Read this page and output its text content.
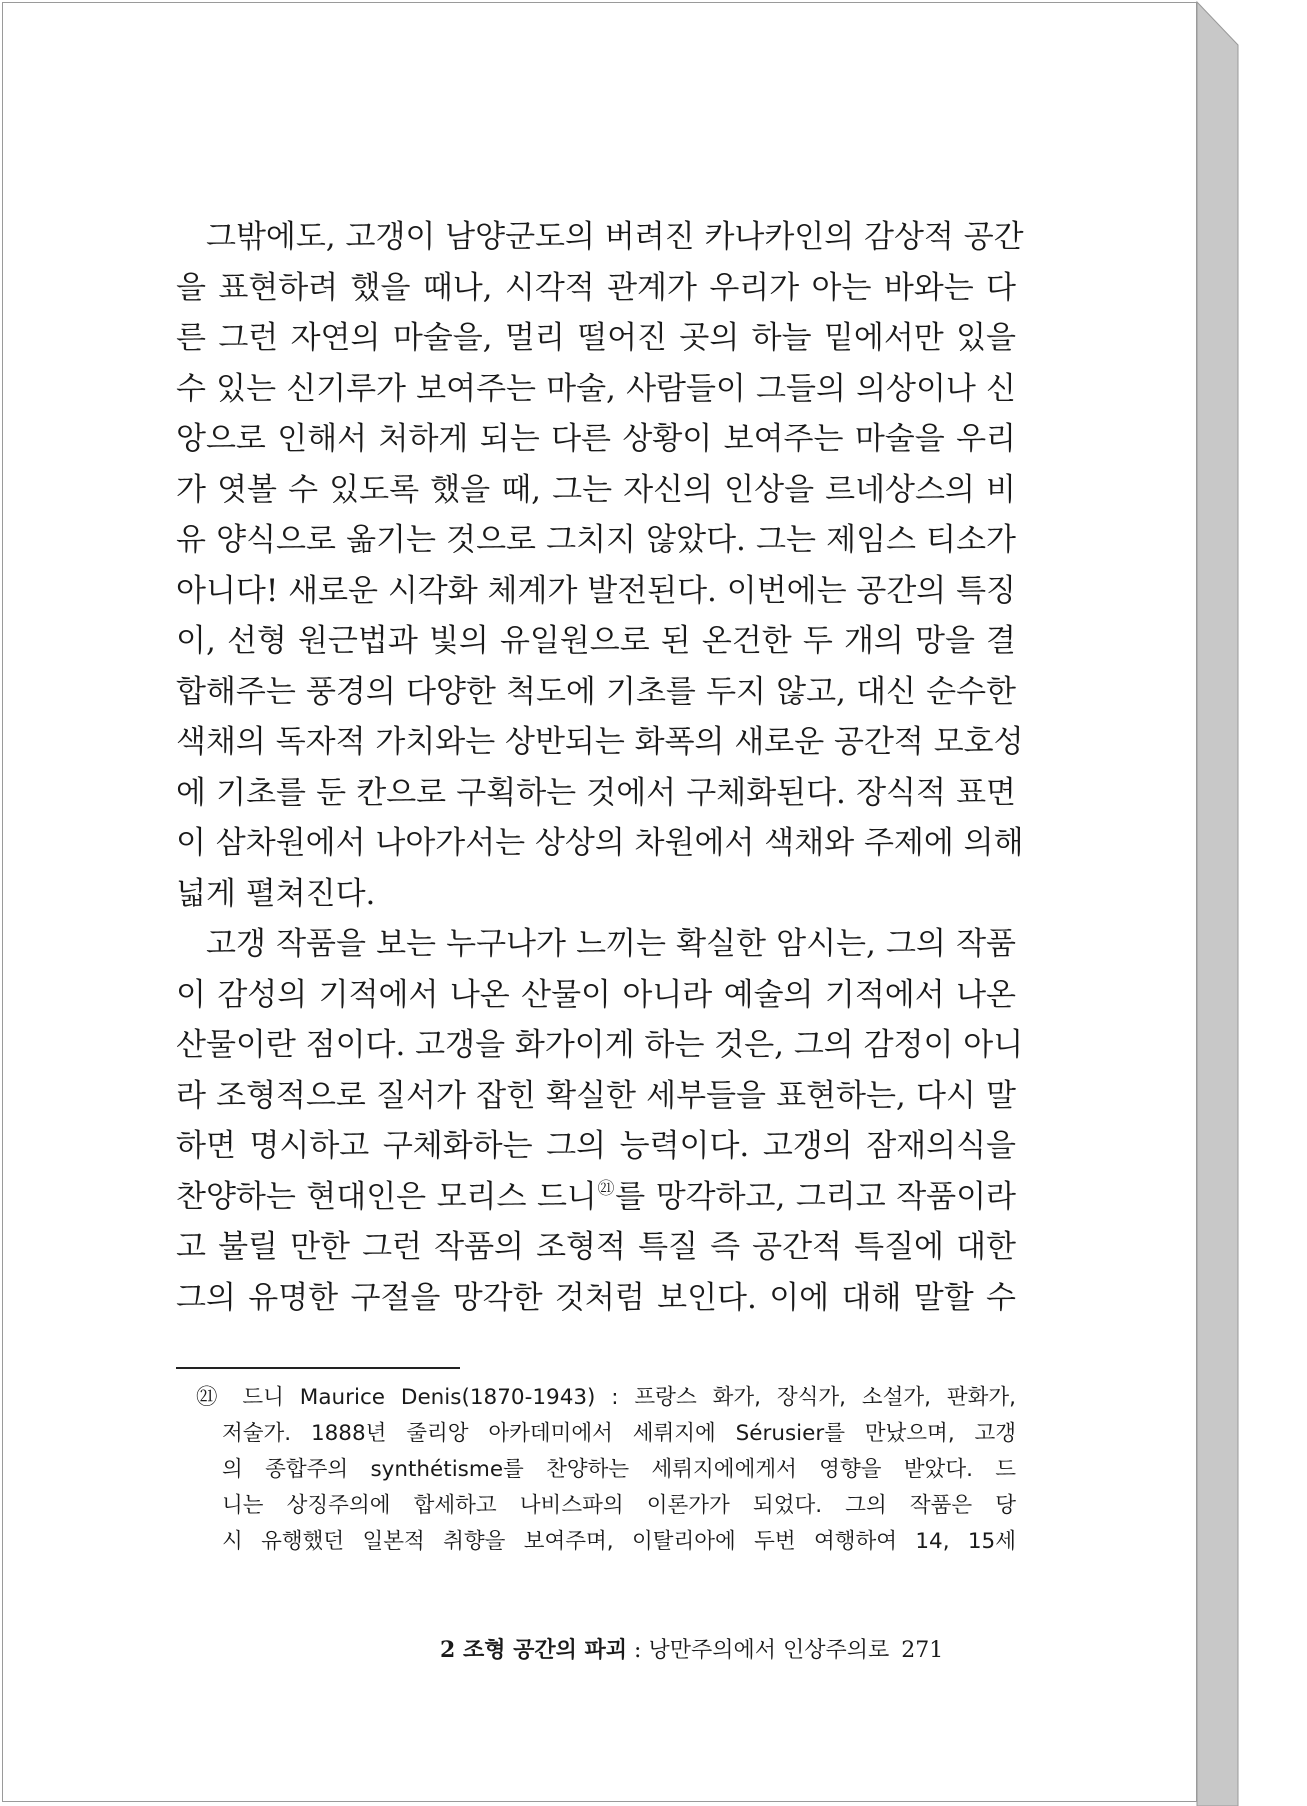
그밖에도, 고갱이 남양군도의 버려진 카나카인의 감상적 공간
을 표현하려 했을 때나, 시각적 관계가 우리가 아는 바와는 다
른 그런 자연의 마술을, 멀리 떨어진 곳의 하늘 밑에서만 있을
수 있는 신기루가 보여주는 마술, 사람들이 그들의 의상이나 신
앙으로 인해서 처하게 되는 다른 상황이 보여주는 마술을 우리
가 엿볼 수 있도록 했을 때, 그는 자신의 인상을 르네상스의 비
유 양식으로 옮기는 것으로 그치지 않았다. 그는 제임스 티소가
아니다! 새로운 시각화 체계가 발전된다. 이번에는 공간의 특징
이, 선형 원근법과 빛의 유일원으로 된 온건한 두 개의 망을 결
합해주는 풍경의 다양한 척도에 기초를 두지 않고, 대신 순수한
색채의 독자적 가치와는 상반되는 화폭의 새로운 공간적 모호성
에 기초를 둔 칸으로 구획하는 것에서 구체화된다. 장식적 표면
이 삼차원에서 나아가서는 상상의 차원에서 색채와 주제에 의해
넓게 펼쳐진다.
고갱 작품을 보는 누구나가 느끼는 확실한 암시는, 그의 작품
이 감성의 기적에서 나온 산물이 아니라 예술의 기적에서 나온
산물이란 점이다. 고갱을 화가이게 하는 것은, 그의 감정이 아니
라 조형적으로 질서가 잡힌 확실한 세부들을 표현하는, 다시 말
하면 명시하고 구체화하는 그의 능력이다. 고갱의 잠재의식을
찬양하는 현대인은 모리스 드니$^㉑$를 망각하고, 그리고 작품이라
고 불릴 만한 그런 작품의 조형적 특질 즉 공간적 특질에 대한
그의 유명한 구절을 망각한 것처럼 보인다. 이에 대해 말할 수
㉑ 드니 Maurice Denis(1870-1943) : 프랑스 화가, 장식가, 소설가, 판화가,
저술가. 1888년 줄리앙 아카데미에서 세뤼지에 Sérusier를 만났으며, 고갱
의 종합주의 synthétisme를 찬양하는 세뤼지에에게서 영향을 받았다. 드
니는 상징주의에 합세하고 나비스파의 이론가가 되었다. 그의 작품은 당
시 유행했던 일본적 취향을 보여주며, 이탈리아에 두번 여행하여 14, 15세
2 조형 공간의 파괴 : 낭만주의에서 인상주의로 271
